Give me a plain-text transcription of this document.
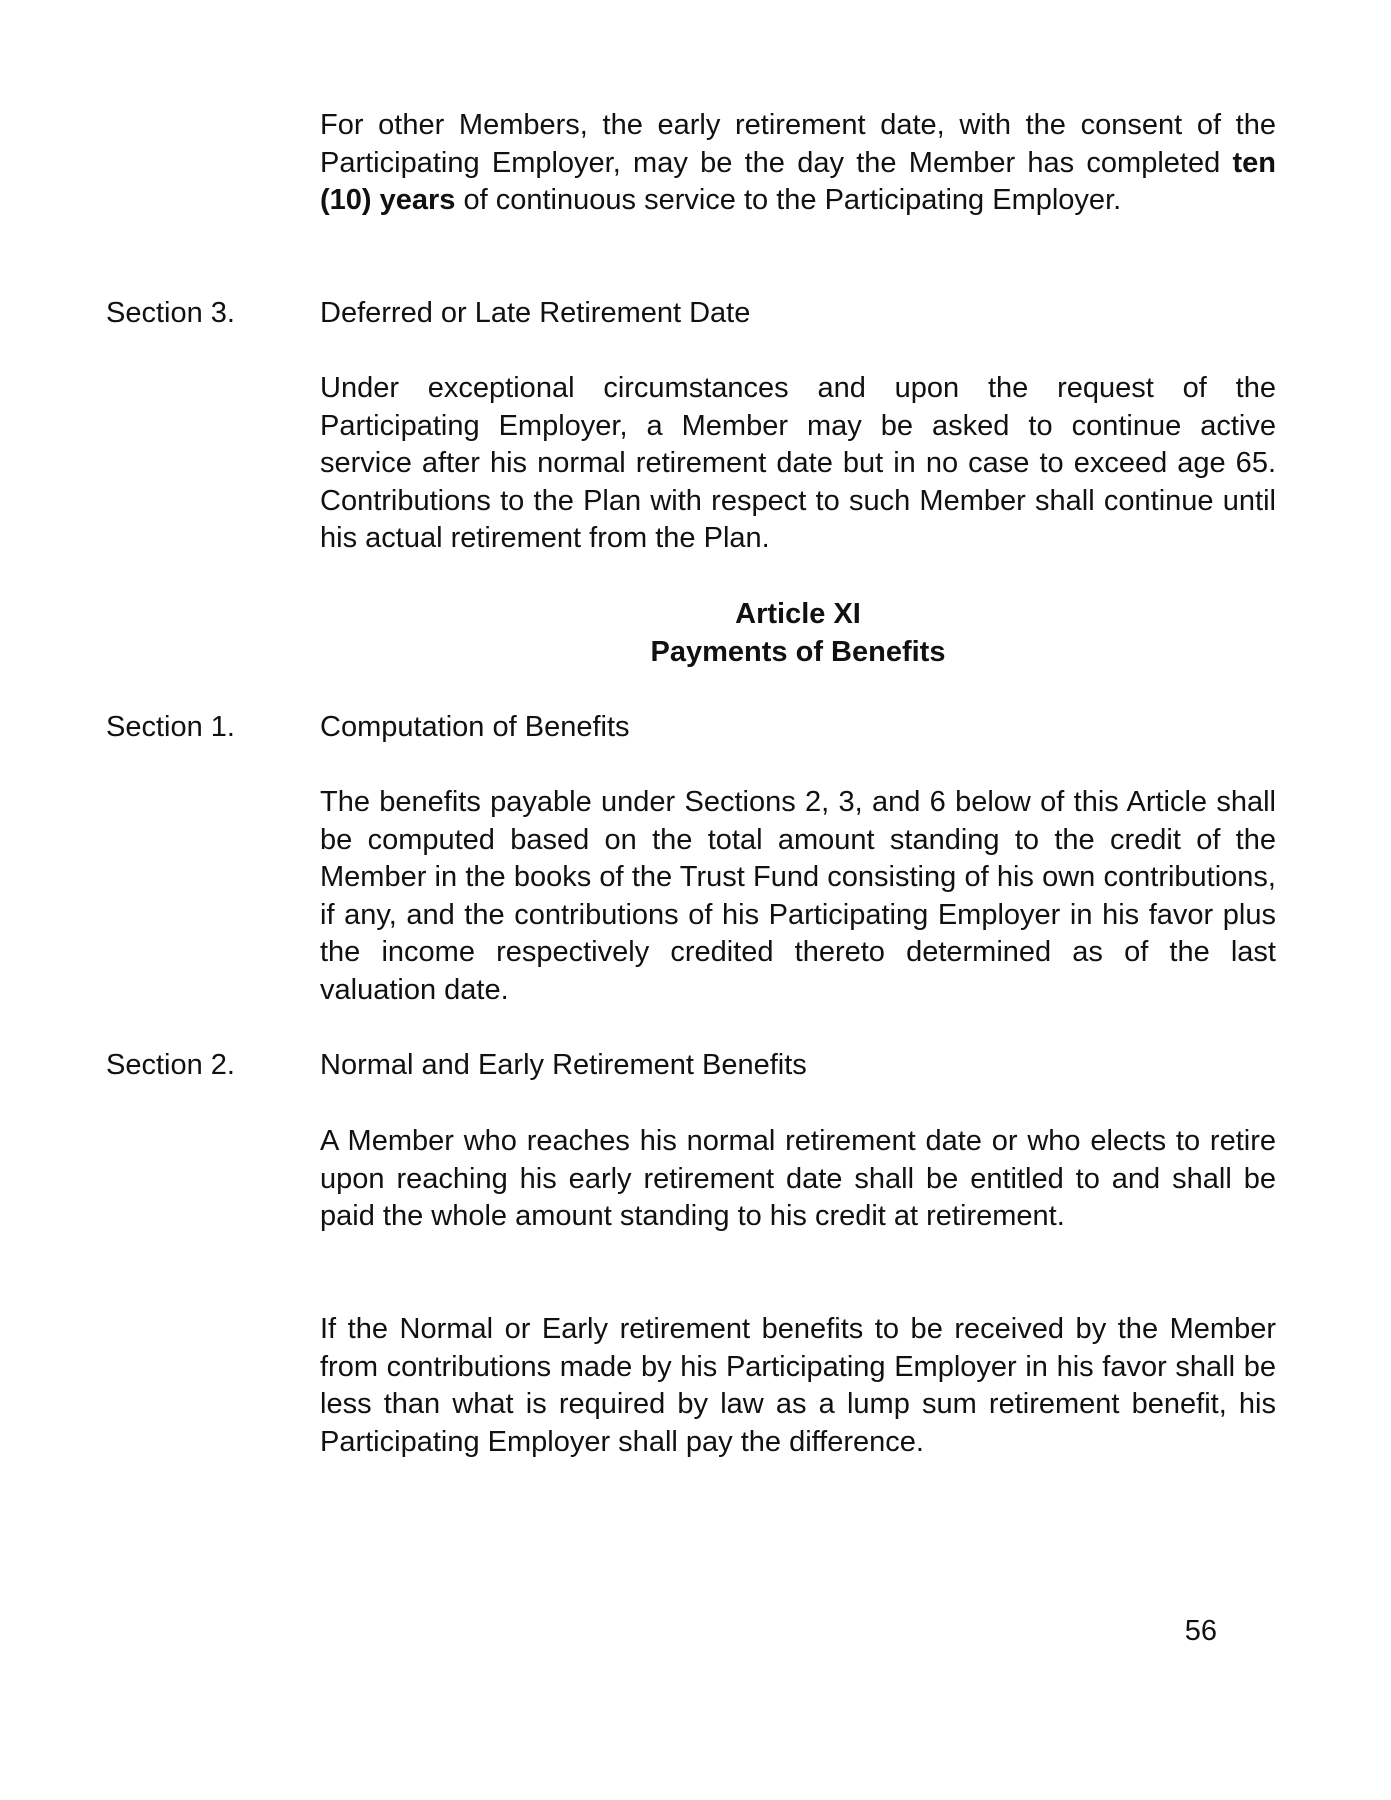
For other Members, the early retirement date, with the consent of the Participating Employer, may be the day the Member has completed ten (10) years of continuous service to the Participating Employer.

Section 3.	Deferred or Late Retirement Date

Under exceptional circumstances and upon the request of the Participating Employer, a Member may be asked to continue active service after his normal retirement date but in no case to exceed age 65. Contributions to the Plan with respect to such Member shall continue until his actual retirement from the Plan.

Article XI
Payments of Benefits
Section 1.	Computation of Benefits

The benefits payable under Sections 2, 3, and 6 below of this Article shall be computed based on the total amount standing to the credit of the Member in the books of the Trust Fund consisting of his own contributions, if any, and the contributions of his Participating Employer in his favor plus the income respectively credited thereto determined as of the last valuation date.

Section 2.	Normal and Early Retirement Benefits

A Member who reaches his normal retirement date or who elects to retire upon reaching his early retirement date shall be entitled to and shall be paid the whole amount standing to his credit at retirement.

If the Normal or Early retirement benefits to be received by the Member from contributions made by his Participating Employer in his favor shall be less than what is required by law as a lump sum retirement benefit, his Participating Employer shall pay the difference.

56
